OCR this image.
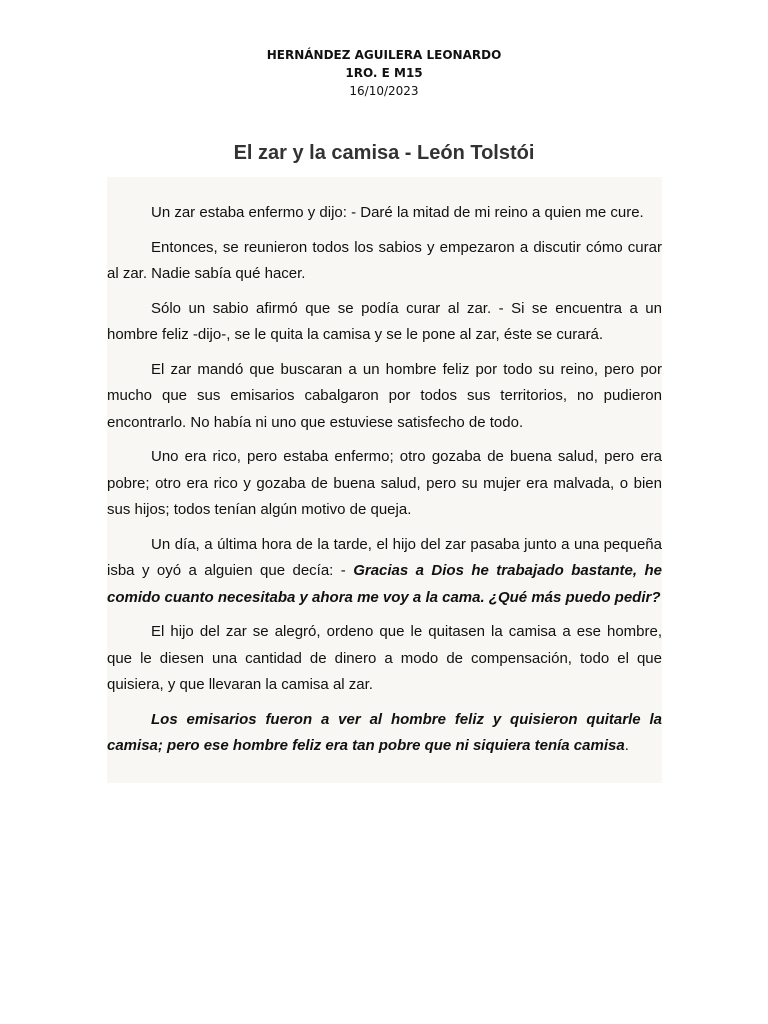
HERNÁNDEZ AGUILERA LEONARDO
1RO. E M15
16/10/2023
El zar y la camisa - León Tolstói

Un zar estaba enfermo y dijo: - Daré la mitad de mi reino a quien me cure.

Entonces, se reunieron todos los sabios y empezaron a discutir cómo curar al zar. Nadie sabía qué hacer.

Sólo un sabio afirmó que se podía curar al zar. - Si se encuentra a un hombre feliz -dijo-, se le quita la camisa y se le pone al zar, éste se curará.

El zar mandó que buscaran a un hombre feliz por todo su reino, pero por mucho que sus emisarios cabalgaron por todos sus territorios, no pudieron encontrarlo. No había ni uno que estuviese satisfecho de todo.

Uno era rico, pero estaba enfermo; otro gozaba de buena salud, pero era pobre; otro era rico y gozaba de buena salud, pero su mujer era malvada, o bien sus hijos; todos tenían algún motivo de queja.

Un día, a última hora de la tarde, el hijo del zar pasaba junto a una pequeña isba y oyó a alguien que decía: - Gracias a Dios he trabajado bastante, he comido cuanto necesitaba y ahora me voy a la cama. ¿Qué más puedo pedir?

El hijo del zar se alegró, ordeno que le quitasen la camisa a ese hombre, que le diesen una cantidad de dinero a modo de compensación, todo el que quisiera, y que llevaran la camisa al zar.

Los emisarios fueron a ver al hombre feliz y quisieron quitarle la camisa; pero ese hombre feliz era tan pobre que ni siquiera tenía camisa.
